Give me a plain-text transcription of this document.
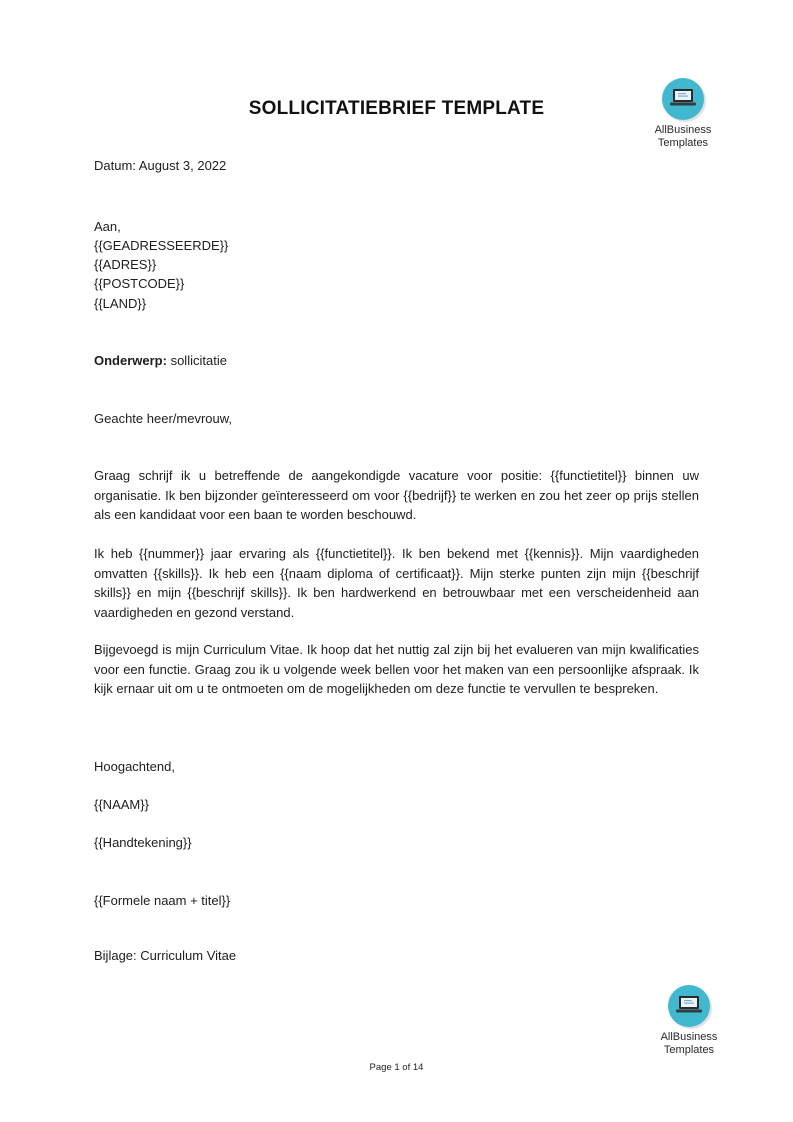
AllBusiness
Templates
SOLLICITATIEBRIEF TEMPLATE
Datum: August 3, 2022
Aan,
{{GEADRESSEERDE}}
{{ADRES}}
{{POSTCODE}}
{{LAND}}
Onderwerp: sollicitatie
Geachte heer/mevrouw,
Graag schrijf ik u betreffende de aangekondigde vacature voor positie: {{functietitel}} binnen uw organisatie. Ik ben bijzonder geïnteresseerd om voor {{bedrijf}} te werken en zou het zeer op prijs stellen als een kandidaat voor een baan te worden beschouwd.
Ik heb {{nummer}} jaar ervaring als {{functietitel}}. Ik ben bekend met {{kennis}}. Mijn vaardigheden omvatten {{skills}}. Ik heb een {{naam diploma of certificaat}}. Mijn sterke punten zijn mijn {{beschrijf skills}} en mijn {{beschrijf skills}}. Ik ben hardwerkend en betrouwbaar met een verscheidenheid aan vaardigheden en gezond verstand.
Bijgevoegd is mijn Curriculum Vitae. Ik hoop dat het nuttig zal zijn bij het evalueren van mijn kwalificaties voor een functie. Graag zou ik u volgende week bellen voor het maken van een persoonlijke afspraak. Ik kijk ernaar uit om u te ontmoeten om de mogelijkheden om deze functie te vervullen te bespreken.
Hoogachtend,
{{NAAM}}
{{Handtekening}}
{{Formele naam + titel}}
Bijlage: Curriculum Vitae
AllBusiness
Templates
Page 1 of 14
